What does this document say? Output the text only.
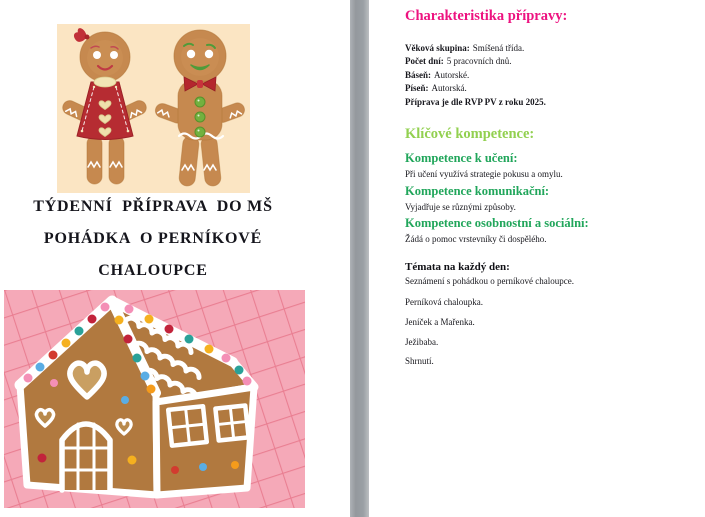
TÝDENNÍ  PŘÍPRAVA  DO MŠ
POHÁDKA  O PERNÍKOVÉ
CHALOUPCE
Charakteristika přípravy:
Věková skupina: Smíšená třída.
Počet dní: 5 pracovních dnů.
Báseň: Autorské.
Píseň: Autorská.
Příprava je dle RVP PV z roku 2025.
Klíčové kompetence:
Kompetence k učení:
Při učení využívá strategie pokusu a omylu.
Kompetence komunikační:
Vyjadřuje se různými způsoby.
Kompetence osobnostní a sociální:
Žádá o pomoc vrstevníky či dospělého.
Témata na každý den:
Seznámení s pohádkou o perníkové chaloupce.
Perníková chaloupka.
Jeníček a Mařenka.
Ježibaba.
Shrnutí.
